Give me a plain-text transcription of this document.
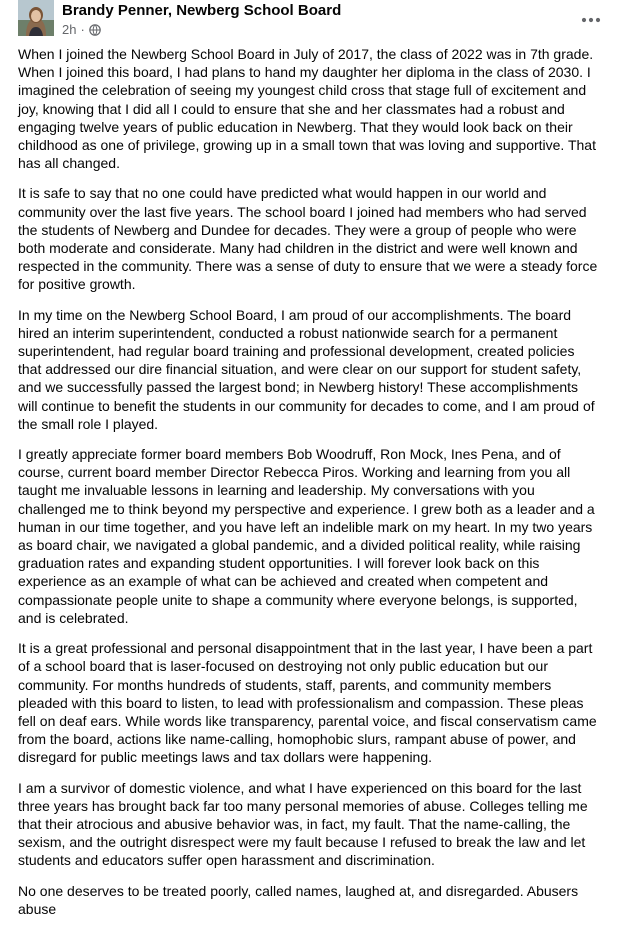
Brandy Penner, Newberg School Board
2h ·

When I joined the Newberg School Board in July of 2017, the class of 2022 was in 7th grade. When I joined this board, I had plans to hand my daughter her diploma in the class of 2030. I imagined the celebration of seeing my youngest child cross that stage full of excitement and joy, knowing that I did all I could to ensure that she and her classmates had a robust and engaging twelve years of public education in Newberg. That they would look back on their childhood as one of privilege, growing up in a small town that was loving and supportive. That has all changed.

It is safe to say that no one could have predicted what would happen in our world and community over the last five years. The school board I joined had members who had served the students of Newberg and Dundee for decades. They were a group of people who were both moderate and considerate. Many had children in the district and were well known and respected in the community. There was a sense of duty to ensure that we were a steady force for positive growth.

In my time on the Newberg School Board, I am proud of our accomplishments. The board hired an interim superintendent, conducted a robust nationwide search for a permanent superintendent, had regular board training and professional development, created policies that addressed our dire financial situation, and were clear on our support for student safety, and we successfully passed the largest bond; in Newberg history! These accomplishments will continue to benefit the students in our community for decades to come, and I am proud of the small role I played.

I greatly appreciate former board members Bob Woodruff, Ron Mock, Ines Pena, and of course, current board member Director Rebecca Piros. Working and learning from you all taught me invaluable lessons in learning and leadership. My conversations with you challenged me to think beyond my perspective and experience. I grew both as a leader and a human in our time together, and you have left an indelible mark on my heart. In my two years as board chair, we navigated a global pandemic, and a divided political reality, while raising graduation rates and expanding student opportunities. I will forever look back on this experience as an example of what can be achieved and created when competent and compassionate people unite to shape a community where everyone belongs, is supported, and is celebrated.

It is a great professional and personal disappointment that in the last year, I have been a part of a school board that is laser-focused on destroying not only public education but our community. For months hundreds of students, staff, parents, and community members pleaded with this board to listen, to lead with professionalism and compassion. These pleas fell on deaf ears. While words like transparency, parental voice, and fiscal conservatism came from the board, actions like name-calling, homophobic slurs, rampant abuse of power, and disregard for public meetings laws and tax dollars were happening.

I am a survivor of domestic violence, and what I have experienced on this board for the last three years has brought back far too many personal memories of abuse. Colleges telling me that their atrocious and abusive behavior was, in fact, my fault. That the name-calling, the sexism, and the outright disrespect were my fault because I refused to break the law and let students and educators suffer open harassment and discrimination.

No one deserves to be treated poorly, called names, laughed at, and disregarded. Abusers abuse
